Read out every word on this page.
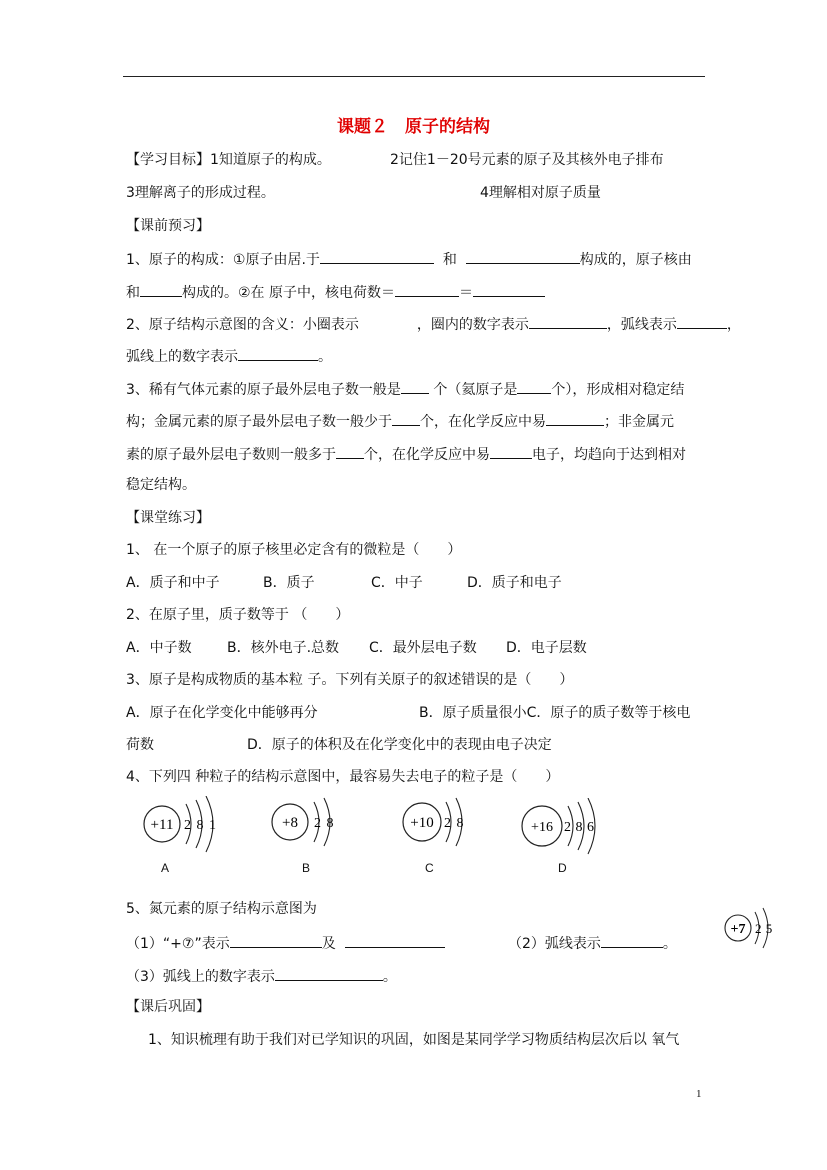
课题２　原子的结构
【学习目标】1知道原子的构成。	2记住1－20号元素的原子及其核外电子排布
3理解离子的形成过程。	4理解相对原子质量
【课前预习】
1、原子的构成：①原子由居.于	和	构成的，原子核由
和	构成的。②在 原子中，核电荷数＝	＝
2、原子结构示意图的含义：小圈表示	，圈内的数字表示	，弧线表示	，
弧线上的数字表示	。
3、稀有气体元素的原子最外层电子数一般是 个（氦原子是 个），形成相对稳定结
构；金属元素的原子最外层电子数一般少于 个，在化学反应中易	；非金属元
素的原子最外层电子数则一般多于 个，在化学反应中易	电子，均趋向于达到相对
稳定结构。
【课堂练习】
1、 在一个原子的原子核里必定含有的微粒是（　　）
A．质子和中子	B．质子	C．中子	D．质子和电子
2、在原子里，质子数等于 （　　）
A．中子数	B．核外电子.总数 C．最外层电子数 D．电子层数
3、原子是构成物质的基本粒 子。下列有关原子的叙述错误的是（　　）
A．原子在化学变化中能够再分	B．原子质量很小C．原子的质子数等于核电
荷数	D．原子的体积及在化学变化中的表现由电子决定
4、下列四 种粒子的结构示意图中，最容易失去电子的粒子是（　　）
+11 2 8 1
A
+8 2 8
B
+10 2 8
C
+16 2 8 6
D
5、氮元素的原子结构示意图为
（1）“+⑦”表示	及	（2）弧线表示	。
（3）弧线上的数字表示	。
+7 2 5
【课后巩固】
1、知识梳理有助于我们对已学知识的巩固，如图是某同学学习物质结构层次后以 氧气
1
